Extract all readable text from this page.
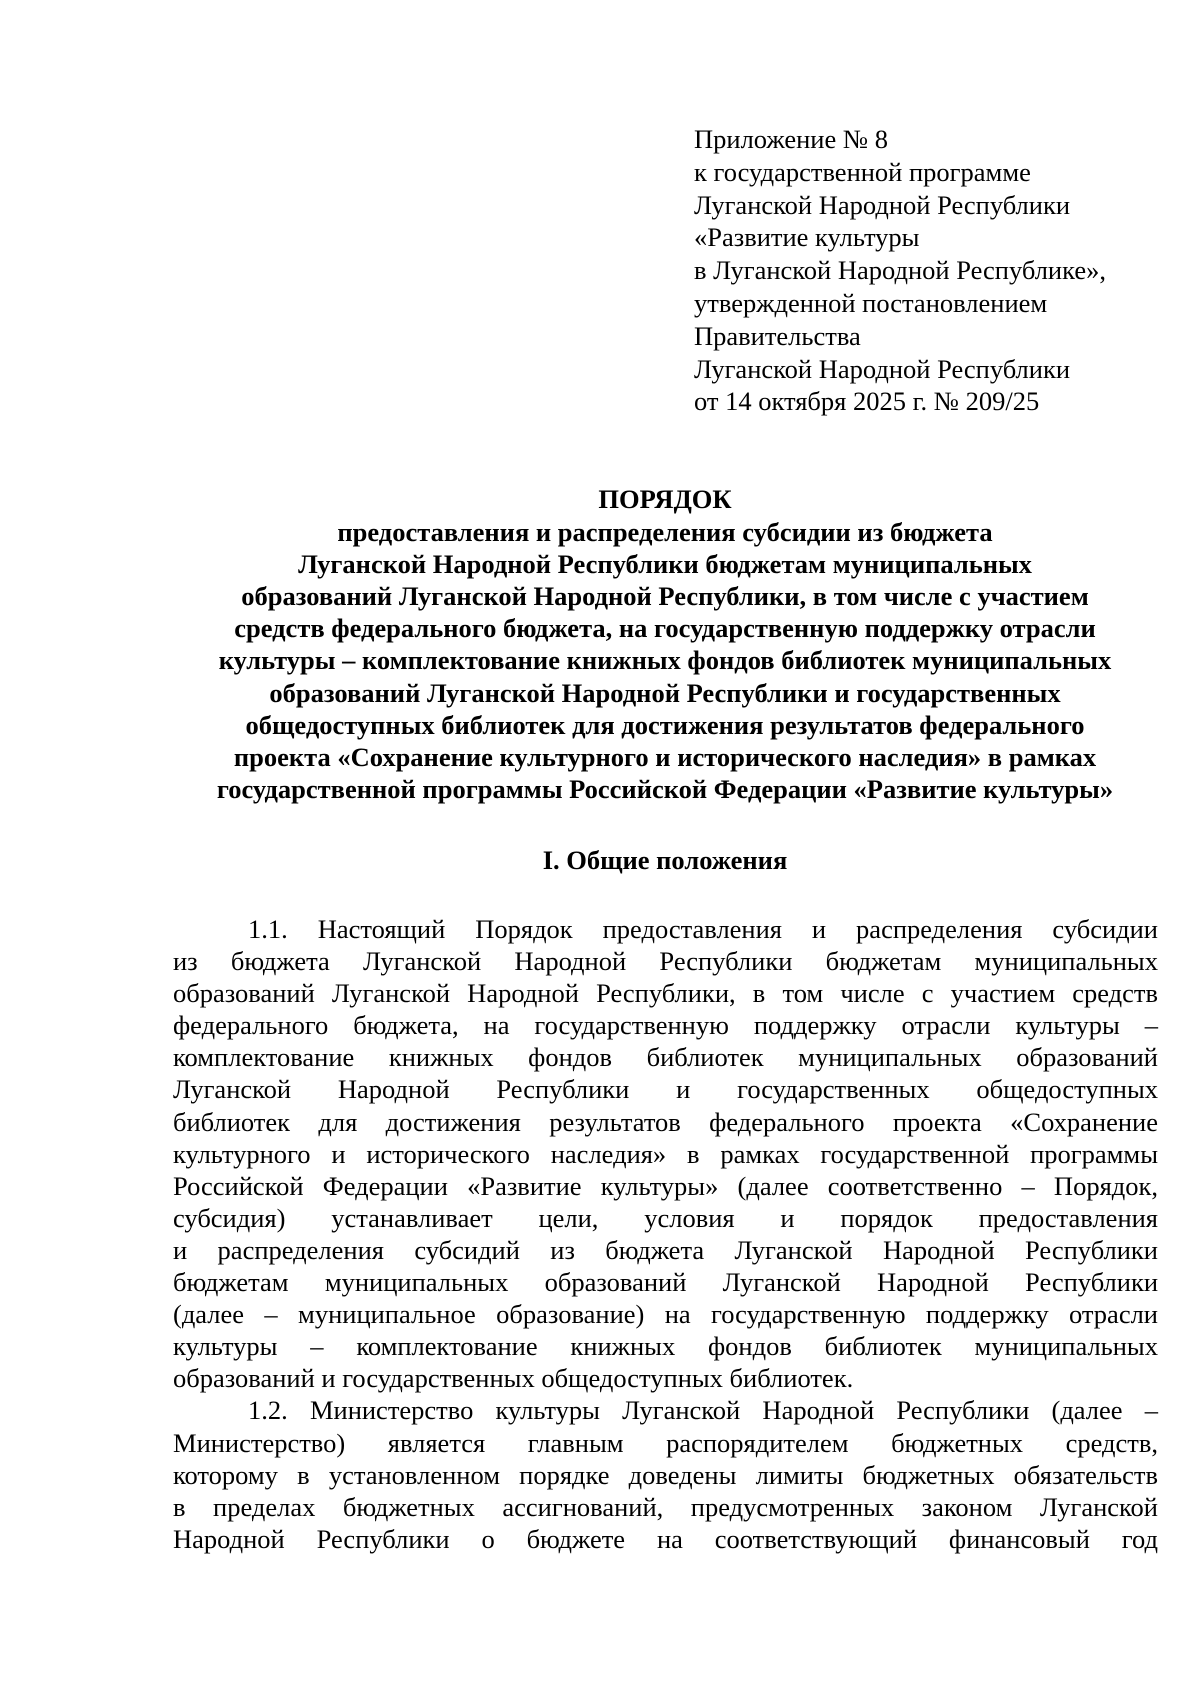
Приложение № 8
к государственной программе
Луганской Народной Республики
«Развитие культуры
в Луганской Народной Республике»,
утвержденной постановлением
Правительства
Луганской Народной Республики
от 14 октября 2025 г. № 209/25
ПОРЯДОК
предоставления и распределения субсидии из бюджета
Луганской Народной Республики бюджетам муниципальных
образований Луганской Народной Республики, в том числе с участием
средств федерального бюджета, на государственную поддержку отрасли
культуры – комплектование книжных фондов библиотек муниципальных
образований Луганской Народной Республики и государственных
общедоступных библиотек для достижения результатов федерального
проекта «Сохранение культурного и исторического наследия» в рамках
государственной программы Российской Федерации «Развитие культуры»
I. Общие положения
1.1. Настоящий Порядок предоставления и распределения субсидии
из бюджета Луганской Народной Республики бюджетам муниципальных
образований Луганской Народной Республики, в том числе с участием средств
федерального бюджета, на государственную поддержку отрасли культуры –
комплектование книжных фондов библиотек муниципальных образований
Луганской Народной Республики и государственных общедоступных
библиотек для достижения результатов федерального проекта «Сохранение
культурного и исторического наследия» в рамках государственной программы
Российской Федерации «Развитие культуры» (далее соответственно – Порядок,
субсидия) устанавливает цели, условия и порядок предоставления
и распределения субсидий из бюджета Луганской Народной Республики
бюджетам муниципальных образований Луганской Народной Республики
(далее – муниципальное образование) на государственную поддержку отрасли
культуры – комплектование книжных фондов библиотек муниципальных
образований и государственных общедоступных библиотек.
1.2. Министерство культуры Луганской Народной Республики (далее –
Министерство) является главным распорядителем бюджетных средств,
которому в установленном порядке доведены лимиты бюджетных обязательств
в пределах бюджетных ассигнований, предусмотренных законом Луганской
Народной Республики о бюджете на соответствующий финансовый год
